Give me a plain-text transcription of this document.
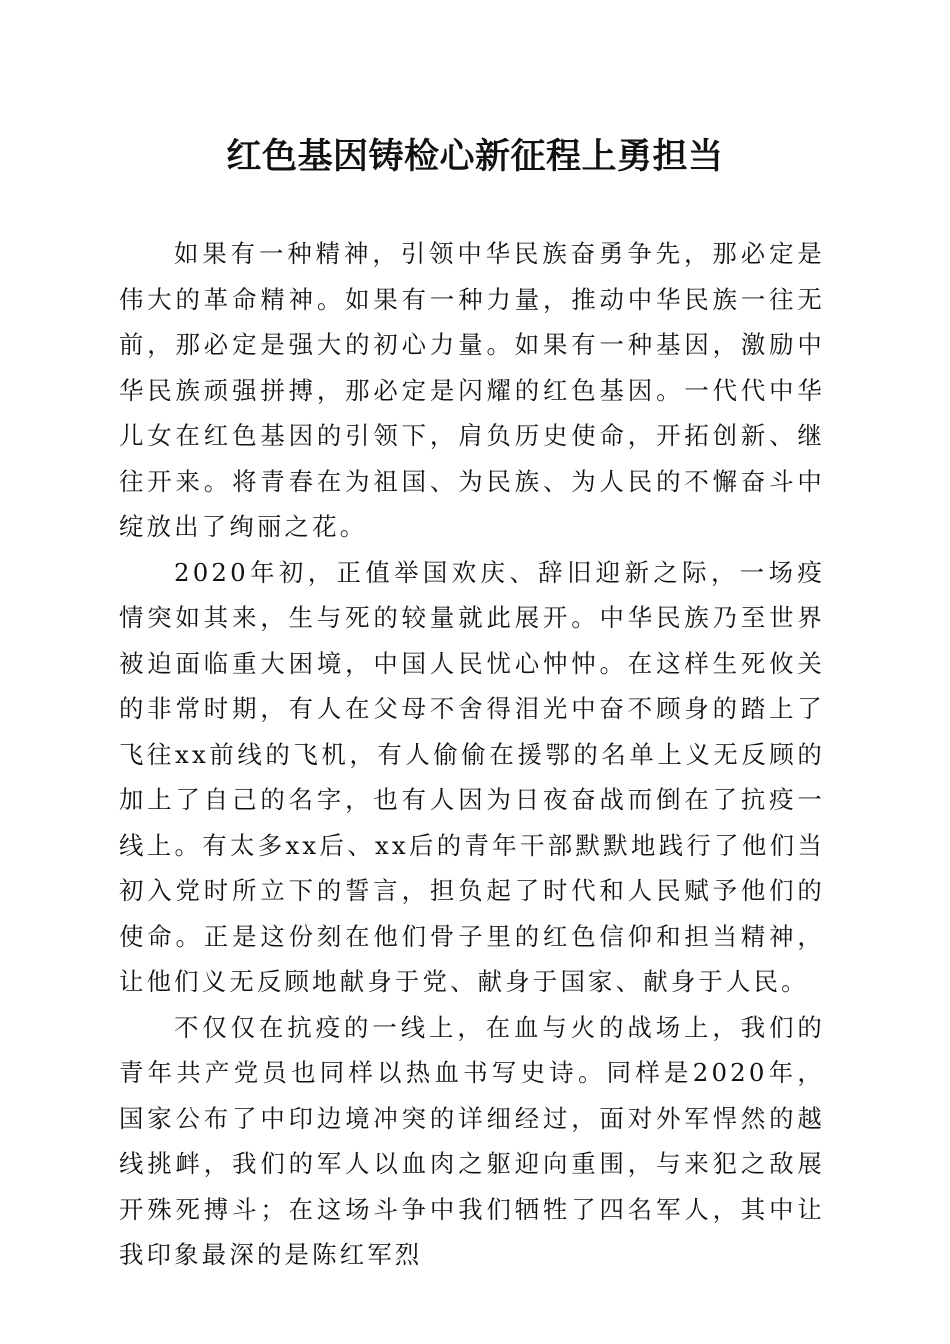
红色基因铸检心新征程上勇担当

如果有一种精神，引领中华民族奋勇争先，那必定是伟大的革命精神。如果有一种力量，推动中华民族一往无前，那必定是强大的初心力量。如果有一种基因，激励中华民族顽强拼搏，那必定是闪耀的红色基因。一代代中华儿女在红色基因的引领下，肩负历史使命，开拓创新、继往开来。将青春在为祖国、为民族、为人民的不懈奋斗中绽放出了绚丽之花。

2020年初，正值举国欢庆、辞旧迎新之际，一场疫情突如其来，生与死的较量就此展开。中华民族乃至世界被迫面临重大困境，中国人民忧心忡忡。在这样生死攸关的非常时期，有人在父母不舍得泪光中奋不顾身的踏上了飞往xx前线的飞机，有人偷偷在援鄂的名单上义无反顾的加上了自己的名字，也有人因为日夜奋战而倒在了抗疫一线上。有太多xx后、xx后的青年干部默默地践行了他们当初入党时所立下的誓言，担负起了时代和人民赋予他们的使命。正是这份刻在他们骨子里的红色信仰和担当精神，让他们义无反顾地献身于党、献身于国家、献身于人民。

不仅仅在抗疫的一线上，在血与火的战场上，我们的青年共产党员也同样以热血书写史诗。同样是2020年，国家公布了中印边境冲突的详细经过，面对外军悍然的越线挑衅，我们的军人以血肉之躯迎向重围，与来犯之敌展开殊死搏斗；在这场斗争中我们牺牲了四名军人，其中让我印象最深的是陈红军烈
